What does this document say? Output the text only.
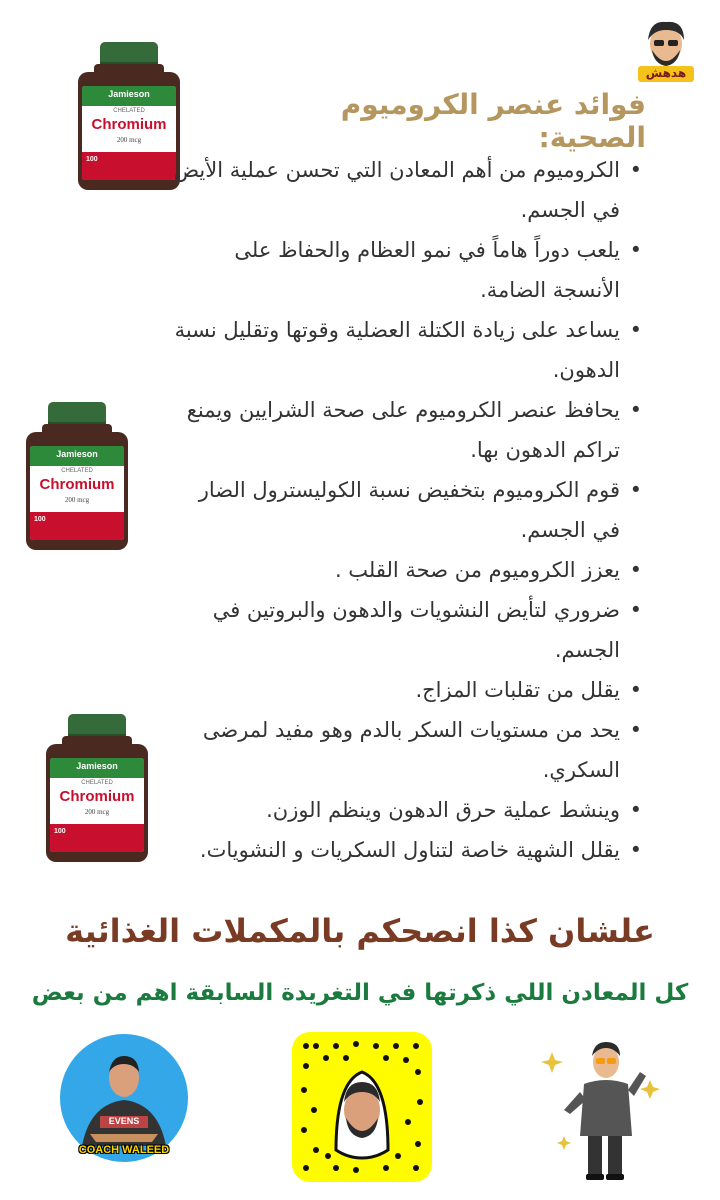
هدهش
Jamieson
CHELATED
Chromium
200 mcg
100
Jamieson
CHELATED
Chromium
200 mcg
100
Jamieson
CHELATED
Chromium
200 mcg
100
فوائد عنصر الكروميوم الصحية:
• الكروميوم من أهم المعادن التي تحسن عملية الأيض في الجسم.
• يلعب دوراً هاماً في نمو العظام والحفاظ على الأنسجة الضامة.
• يساعد على زيادة الكتلة العضلية وقوتها وتقليل نسبة الدهون.
• يحافظ عنصر الكروميوم على صحة الشرايين ويمنع تراكم الدهون بها.
• قوم الكروميوم بتخفيض نسبة الكوليسترول الضار في الجسم.
• يعزز الكروميوم من صحة القلب .
• ضروري لتأيض النشويات والدهون والبروتين في الجسم.
• يقلل من تقلبات المزاج.
• يحد من مستويات السكر بالدم وهو مفيد لمرضى السكري.
• وينشط عملية حرق الدهون وينظم الوزن.
• يقلل الشهية خاصة لتناول السكريات و النشويات.
علشان كذا انصحكم بالمكملات الغذائية
كل المعادن اللي ذكرتها في التغريدة السابقة اهم من بعض
EVENS
COACH WALEED
